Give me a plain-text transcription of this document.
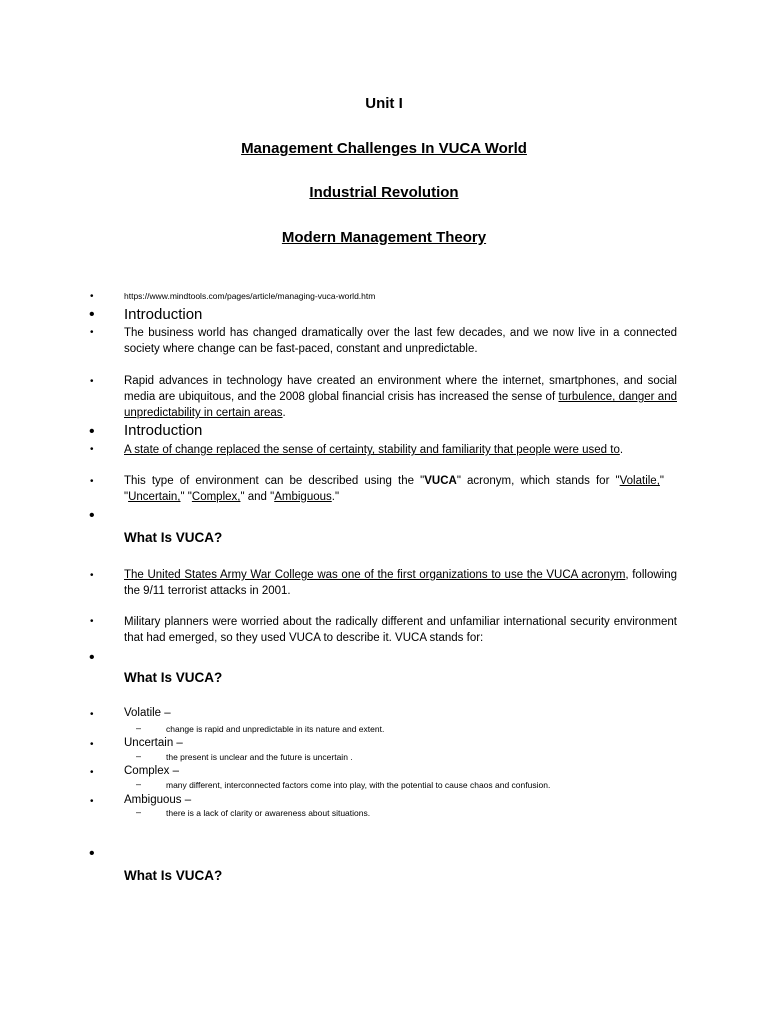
Unit I
Management Challenges In VUCA World
Industrial Revolution
Modern Management Theory
•	https://www.mindtools.com/pages/article/managing-vuca-world.htm
• Introduction
•	The business world has changed dramatically over the last few decades, and we now live in a connected society where change can be fast-paced, constant and unpredictable.
•	Rapid advances in technology have created an environment where the internet, smartphones, and social media are ubiquitous, and the 2008 global financial crisis has increased the sense of turbulence, danger and unpredictability in certain areas.
• Introduction
•	A state of change replaced the sense of certainty, stability and familiarity that people were used to.
•	This type of environment can be described using the "VUCA" acronym, which stands for "Volatile," "Uncertain," "Complex," and "Ambiguous."
•
What Is VUCA?
•	The United States Army War College was one of the first organizations to use the VUCA acronym, following the 9/11 terrorist attacks in 2001.
•	Military planners were worried about the radically different and unfamiliar international security environment that had emerged, so they used VUCA to describe it. VUCA stands for:
•
What Is VUCA?
•	Volatile –
–	change is rapid and unpredictable in its nature and extent.
•	Uncertain –
–	the present is unclear and the future is uncertain .
•	Complex –
–	many different, interconnected factors come into play, with the potential to cause chaos and confusion.
•	Ambiguous –
–	there is a lack of clarity or awareness about situations.
•
What Is VUCA?
